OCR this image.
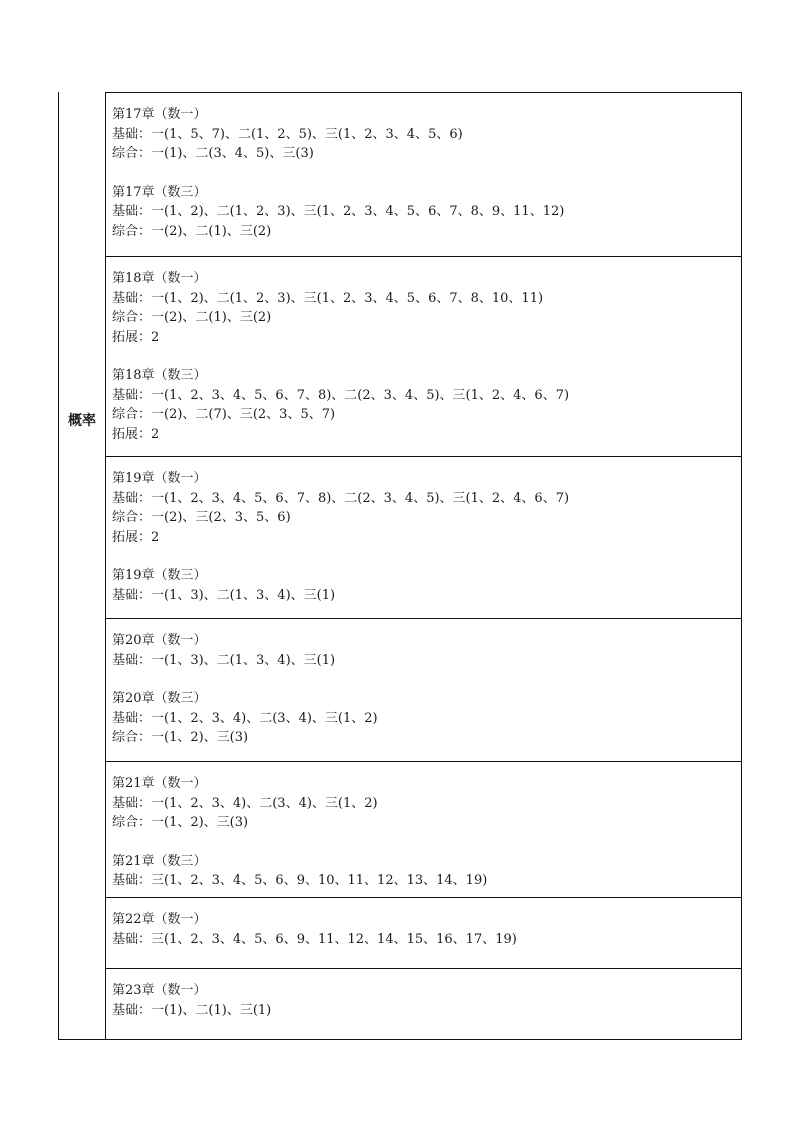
概率
第17章（数一）
基础：一(1、5、7)、二(1、2、5)、三(1、2、3、4、5、6)
综合：一(1)、二(3、4、5)、三(3)
第17章（数三）
基础：一(1、2)、二(1、2、3)、三(1、2、3、4、5、6、7、8、9、11、12)
综合：一(2)、二(1)、三(2)
第18章（数一）
基础：一(1、2)、二(1、2、3)、三(1、2、3、4、5、6、7、8、10、11)
综合：一(2)、二(1)、三(2)
拓展：2
第18章（数三）
基础：一(1、2、3、4、5、6、7、8)、二(2、3、4、5)、三(1、2、4、6、7)
综合：一(2)、二(7)、三(2、3、5、7)
拓展：2
第19章（数一）
基础：一(1、2、3、4、5、6、7、8)、二(2、3、4、5)、三(1、2、4、6、7)
综合：一(2)、三(2、3、5、6)
拓展：2
第19章（数三）
基础：一(1、3)、二(1、3、4)、三(1)
第20章（数一）
基础：一(1、3)、二(1、3、4)、三(1)
第20章（数三）
基础：一(1、2、3、4)、二(3、4)、三(1、2)
综合：一(1、2)、三(3)
第21章（数一）
基础：一(1、2、3、4)、二(3、4)、三(1、2)
综合：一(1、2)、三(3)
第21章（数三）
基础：三(1、2、3、4、5、6、9、10、11、12、13、14、19)
第22章（数一）
基础：三(1、2、3、4、5、6、9、11、12、14、15、16、17、19)
第23章（数一）
基础：一(1)、二(1)、三(1)
